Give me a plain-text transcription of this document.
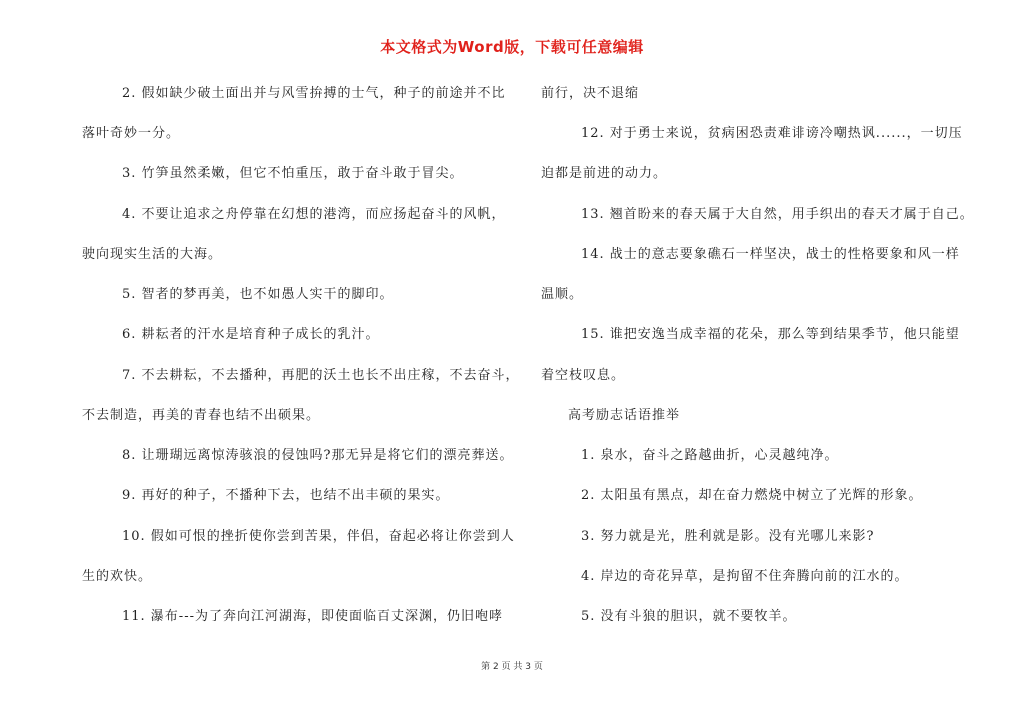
本文格式为Word版，下载可任意编辑
2. 假如缺少破土面出并与风雪拚搏的士气，种子的前途并不比
落叶奇妙一分。
3. 竹笋虽然柔嫩，但它不怕重压，敢于奋斗敢于冒尖。
4. 不要让追求之舟停靠在幻想的港湾，而应扬起奋斗的风帆，
驶向现实生活的大海。
5. 智者的梦再美，也不如愚人实干的脚印。
6. 耕耘者的汗水是培育种子成长的乳汁。
7. 不去耕耘，不去播种，再肥的沃土也长不出庄稼，不去奋斗，
不去制造，再美的青春也结不出硕果。
8. 让珊瑚远离惊涛骇浪的侵蚀吗?那无异是将它们的漂亮葬送。
9. 再好的种子，不播种下去，也结不出丰硕的果实。
10. 假如可恨的挫折使你尝到苦果，伴侣，奋起必将让你尝到人
生的欢快。
11. 瀑布---为了奔向江河湖海，即使面临百丈深渊，仍旧咆哮
前行，决不退缩
12. 对于勇士来说，贫病困恐责难诽谤冷嘲热讽......，一切压
迫都是前进的动力。
13. 翘首盼来的春天属于大自然，用手织出的春天才属于自己。
14. 战士的意志要象礁石一样坚决，战士的性格要象和风一样
温顺。
15. 谁把安逸当成幸福的花朵，那么等到结果季节，他只能望
着空枝叹息。
高考励志话语推举
1. 泉水，奋斗之路越曲折，心灵越纯净。
2. 太阳虽有黑点，却在奋力燃烧中树立了光辉的形象。
3. 努力就是光，胜利就是影。没有光哪儿来影?
4. 岸边的奇花异草，是拘留不住奔腾向前的江水的。
5. 没有斗狼的胆识，就不要牧羊。
第 2 页 共 3 页
